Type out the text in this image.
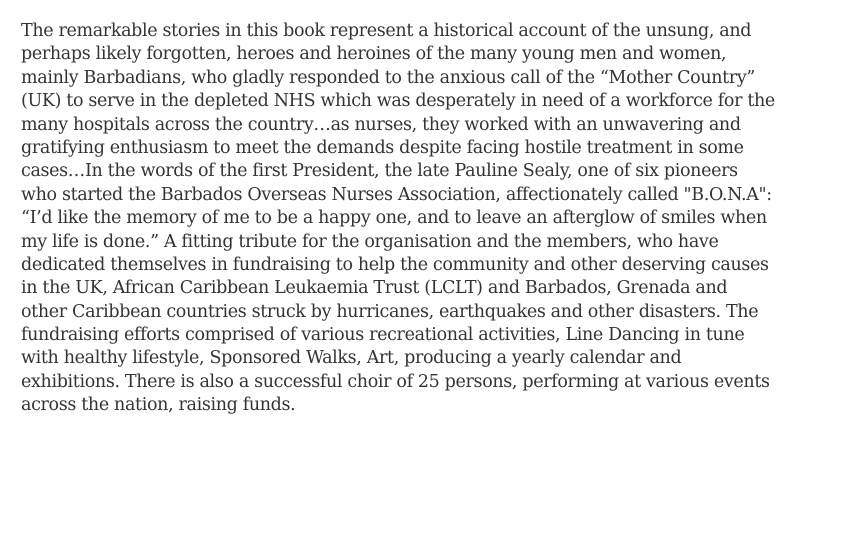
The remarkable stories in this book represent a historical account of the unsung, and
perhaps likely forgotten, heroes and heroines of the many young men and women,
mainly Barbadians, who gladly responded to the anxious call of the “Mother Country”
(UK) to serve in the depleted NHS which was desperately in need of a workforce for the
many hospitals across the country…as nurses, they worked with an unwavering and
gratifying enthusiasm to meet the demands despite facing hostile treatment in some
cases…In the words of the first President, the late Pauline Sealy, one of six pioneers
who started the Barbados Overseas Nurses Association, affectionately called "B.O.N.A":
“I’d like the memory of me to be a happy one, and to leave an afterglow of smiles when
my life is done.” A fitting tribute for the organisation and the members, who have
dedicated themselves in fundraising to help the community and other deserving causes
in the UK, African Caribbean Leukaemia Trust (LCLT) and Barbados, Grenada and
other Caribbean countries struck by hurricanes, earthquakes and other disasters. The
fundraising efforts comprised of various recreational activities, Line Dancing in tune
with healthy lifestyle, Sponsored Walks, Art, producing a yearly calendar and
exhibitions. There is also a successful choir of 25 persons, performing at various events
across the nation, raising funds.
